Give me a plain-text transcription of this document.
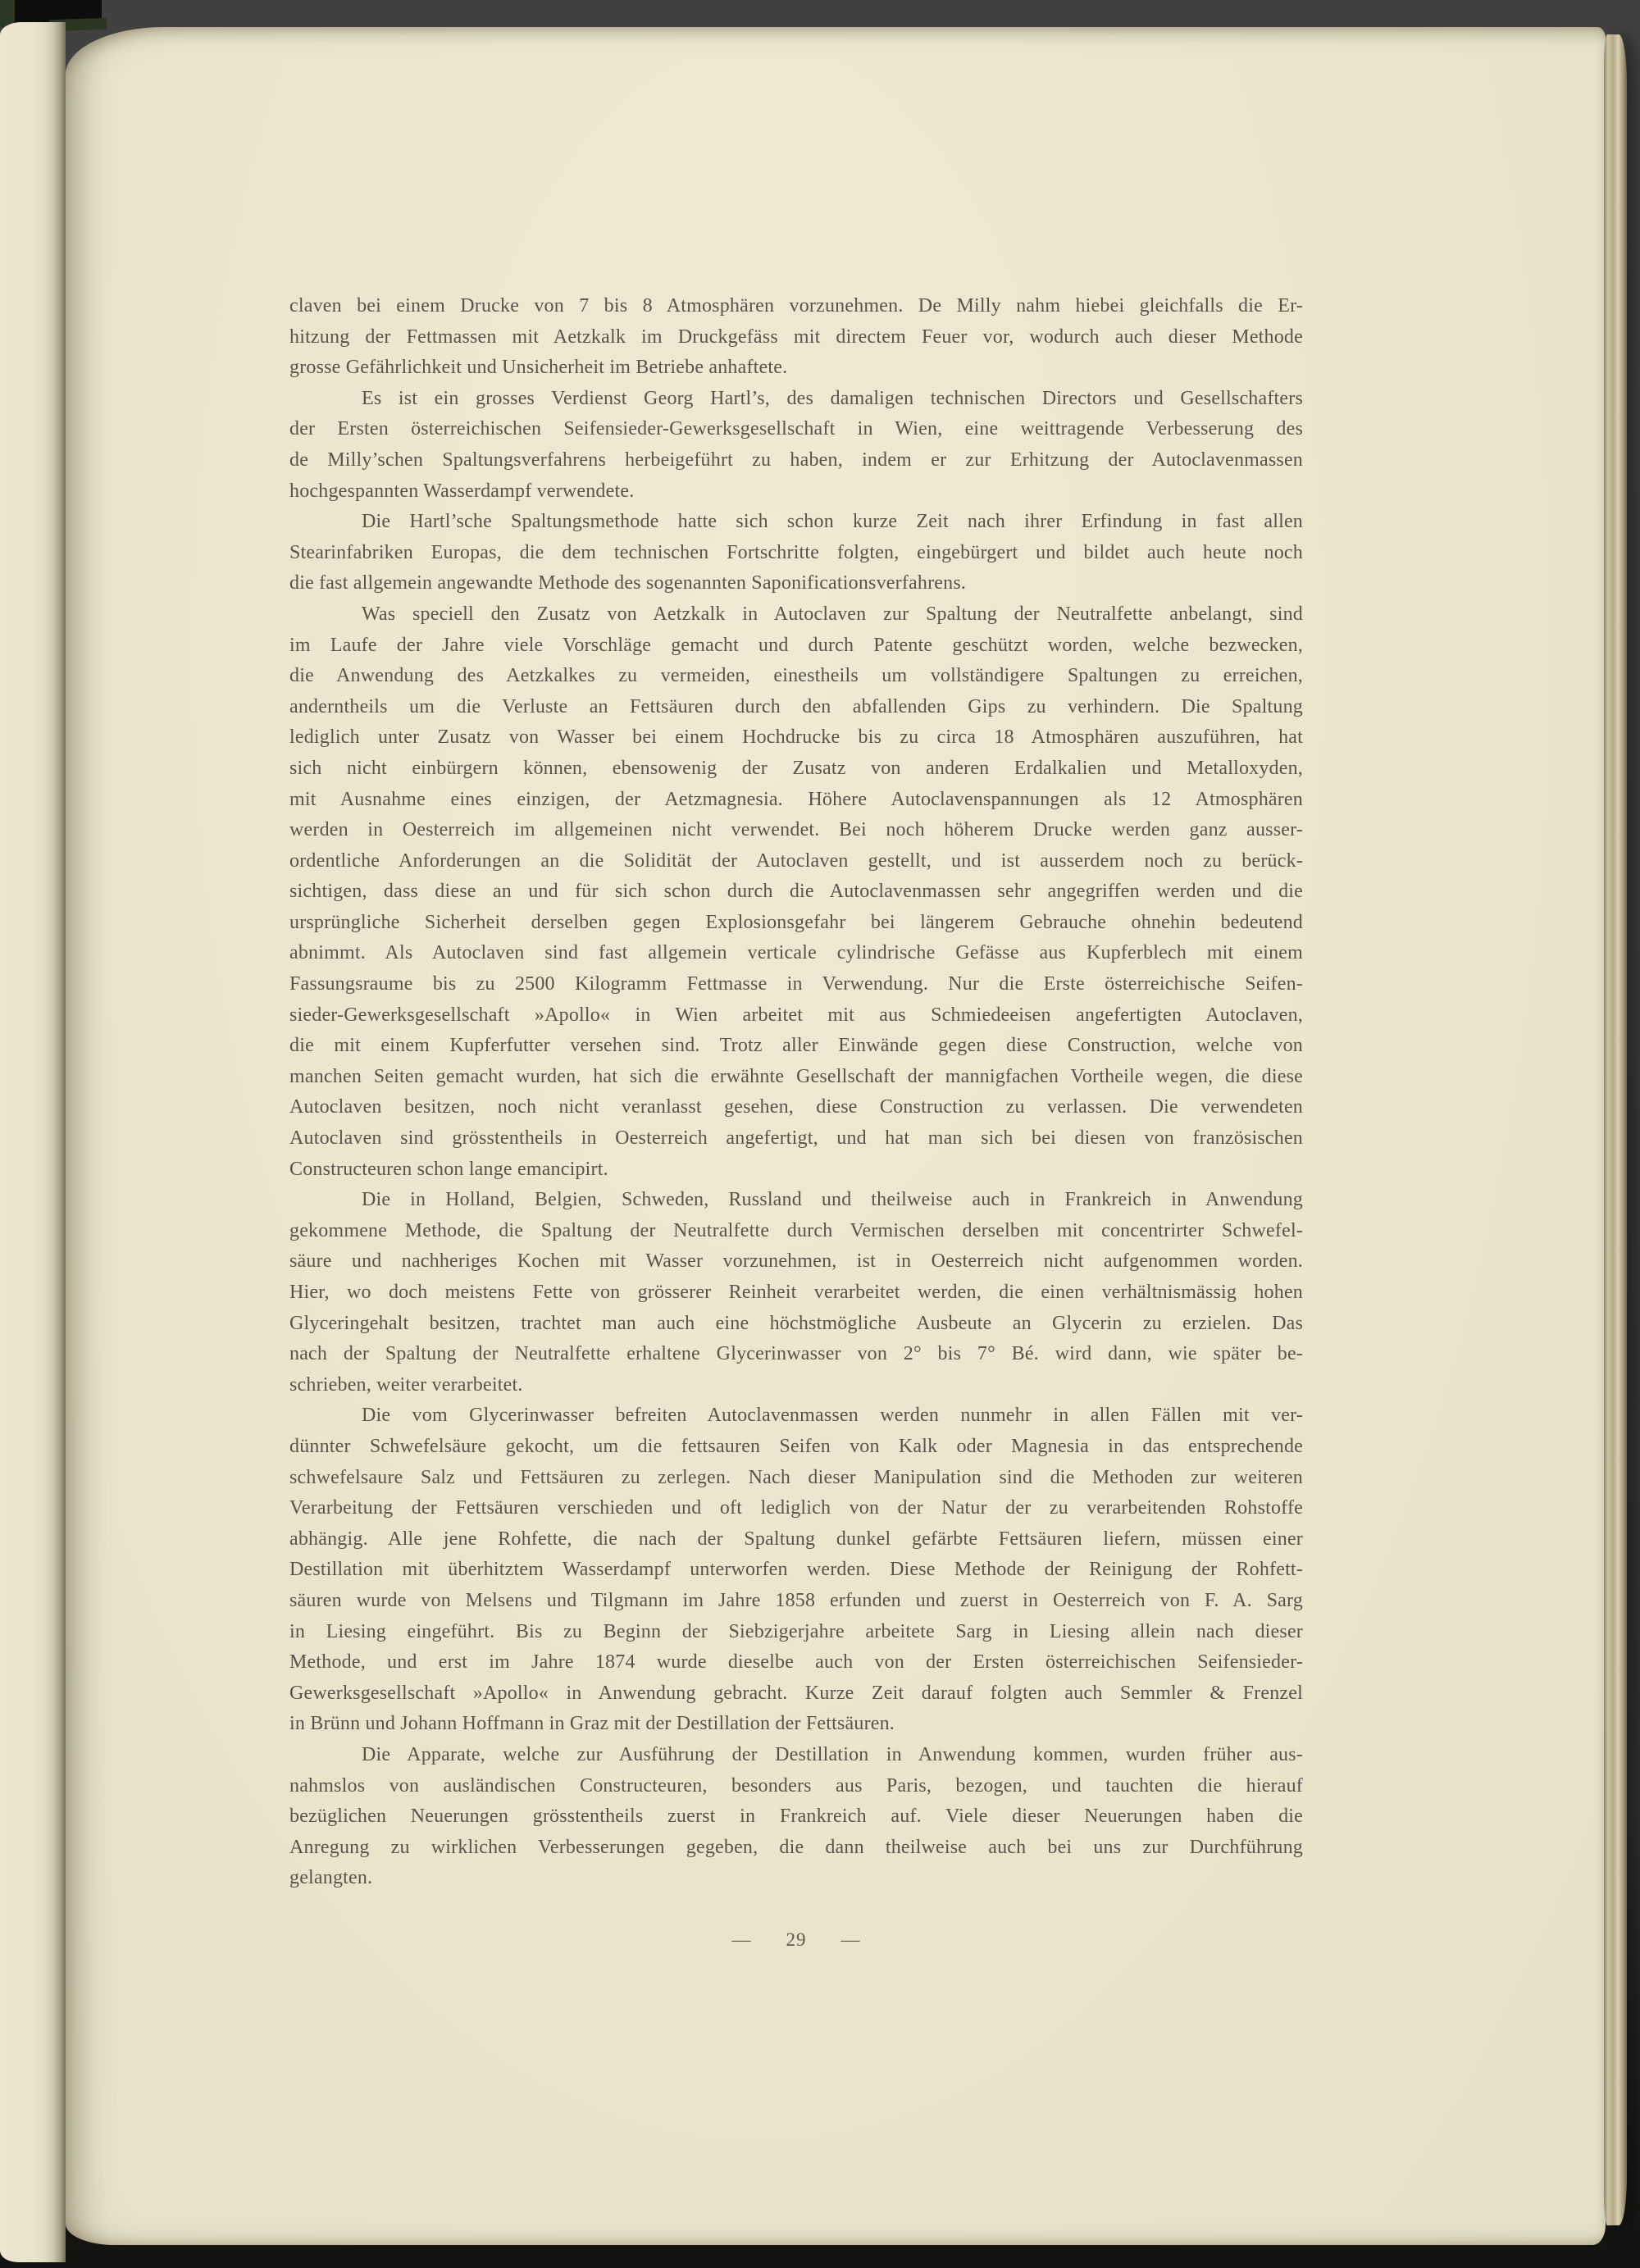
claven bei einem Drucke von 7 bis 8 Atmosphären vorzunehmen. De Milly nahm hiebei gleichfalls die Er-
hitzung der Fettmassen mit Aetzkalk im Druckgefäss mit directem Feuer vor, wodurch auch dieser Methode
grosse Gefährlichkeit und Unsicherheit im Betriebe anhaftete.
Es ist ein grosses Verdienst Georg Hartl’s, des damaligen technischen Directors und Gesellschafters
der Ersten österreichischen Seifensieder-Gewerksgesellschaft in Wien, eine weittragende Verbesserung des
de Milly’schen Spaltungsverfahrens herbeigeführt zu haben, indem er zur Erhitzung der Autoclavenmassen
hochgespannten Wasserdampf verwendete.
Die Hartl’sche Spaltungsmethode hatte sich schon kurze Zeit nach ihrer Erfindung in fast allen
Stearinfabriken Europas, die dem technischen Fortschritte folgten, eingebürgert und bildet auch heute noch
die fast allgemein angewandte Methode des sogenannten Saponificationsverfahrens.
Was speciell den Zusatz von Aetzkalk in Autoclaven zur Spaltung der Neutralfette anbelangt, sind
im Laufe der Jahre viele Vorschläge gemacht und durch Patente geschützt worden, welche bezwecken,
die Anwendung des Aetzkalkes zu vermeiden, einestheils um vollständigere Spaltungen zu erreichen,
anderntheils um die Verluste an Fettsäuren durch den abfallenden Gips zu verhindern. Die Spaltung
lediglich unter Zusatz von Wasser bei einem Hochdrucke bis zu circa 18 Atmosphären auszuführen, hat
sich nicht einbürgern können, ebensowenig der Zusatz von anderen Erdalkalien und Metalloxyden,
mit Ausnahme eines einzigen, der Aetzmagnesia. Höhere Autoclavenspannungen als 12 Atmosphären
werden in Oesterreich im allgemeinen nicht verwendet. Bei noch höherem Drucke werden ganz ausser-
ordentliche Anforderungen an die Solidität der Autoclaven gestellt, und ist ausserdem noch zu berück-
sichtigen, dass diese an und für sich schon durch die Autoclavenmassen sehr angegriffen werden und die
ursprüngliche Sicherheit derselben gegen Explosionsgefahr bei längerem Gebrauche ohnehin bedeutend
abnimmt. Als Autoclaven sind fast allgemein verticale cylindrische Gefässe aus Kupferblech mit einem
Fassungsraume bis zu 2500 Kilogramm Fettmasse in Verwendung. Nur die Erste österreichische Seifen-
sieder-Gewerksgesellschaft »Apollo« in Wien arbeitet mit aus Schmiedeeisen angefertigten Autoclaven,
die mit einem Kupferfutter versehen sind. Trotz aller Einwände gegen diese Construction, welche von
manchen Seiten gemacht wurden, hat sich die erwähnte Gesellschaft der mannigfachen Vortheile wegen, die diese
Autoclaven besitzen, noch nicht veranlasst gesehen, diese Construction zu verlassen. Die verwendeten
Autoclaven sind grösstentheils in Oesterreich angefertigt, und hat man sich bei diesen von französischen
Constructeuren schon lange emancipirt.
Die in Holland, Belgien, Schweden, Russland und theilweise auch in Frankreich in Anwendung
gekommene Methode, die Spaltung der Neutralfette durch Vermischen derselben mit concentrirter Schwefel-
säure und nachheriges Kochen mit Wasser vorzunehmen, ist in Oesterreich nicht aufgenommen worden.
Hier, wo doch meistens Fette von grösserer Reinheit verarbeitet werden, die einen verhältnismässig hohen
Glyceringehalt besitzen, trachtet man auch eine höchstmögliche Ausbeute an Glycerin zu erzielen. Das
nach der Spaltung der Neutralfette erhaltene Glycerinwasser von 2° bis 7° Bé. wird dann, wie später be-
schrieben, weiter verarbeitet.
Die vom Glycerinwasser befreiten Autoclavenmassen werden nunmehr in allen Fällen mit ver-
dünnter Schwefelsäure gekocht, um die fettsauren Seifen von Kalk oder Magnesia in das entsprechende
schwefelsaure Salz und Fettsäuren zu zerlegen. Nach dieser Manipulation sind die Methoden zur weiteren
Verarbeitung der Fettsäuren verschieden und oft lediglich von der Natur der zu verarbeitenden Rohstoffe
abhängig. Alle jene Rohfette, die nach der Spaltung dunkel gefärbte Fettsäuren liefern, müssen einer
Destillation mit überhitztem Wasserdampf unterworfen werden. Diese Methode der Reinigung der Rohfett-
säuren wurde von Melsens und Tilgmann im Jahre 1858 erfunden und zuerst in Oesterreich von F. A. Sarg
in Liesing eingeführt. Bis zu Beginn der Siebzigerjahre arbeitete Sarg in Liesing allein nach dieser
Methode, und erst im Jahre 1874 wurde dieselbe auch von der Ersten österreichischen Seifensieder-
Gewerksgesellschaft »Apollo« in Anwendung gebracht. Kurze Zeit darauf folgten auch Semmler & Frenzel
in Brünn und Johann Hoffmann in Graz mit der Destillation der Fettsäuren.
Die Apparate, welche zur Ausführung der Destillation in Anwendung kommen, wurden früher aus-
nahmslos von ausländischen Constructeuren, besonders aus Paris, bezogen, und tauchten die hierauf
bezüglichen Neuerungen grösstentheils zuerst in Frankreich auf. Viele dieser Neuerungen haben die
Anregung zu wirklichen Verbesserungen gegeben, die dann theilweise auch bei uns zur Durchführung
gelangten.
— 29 —
